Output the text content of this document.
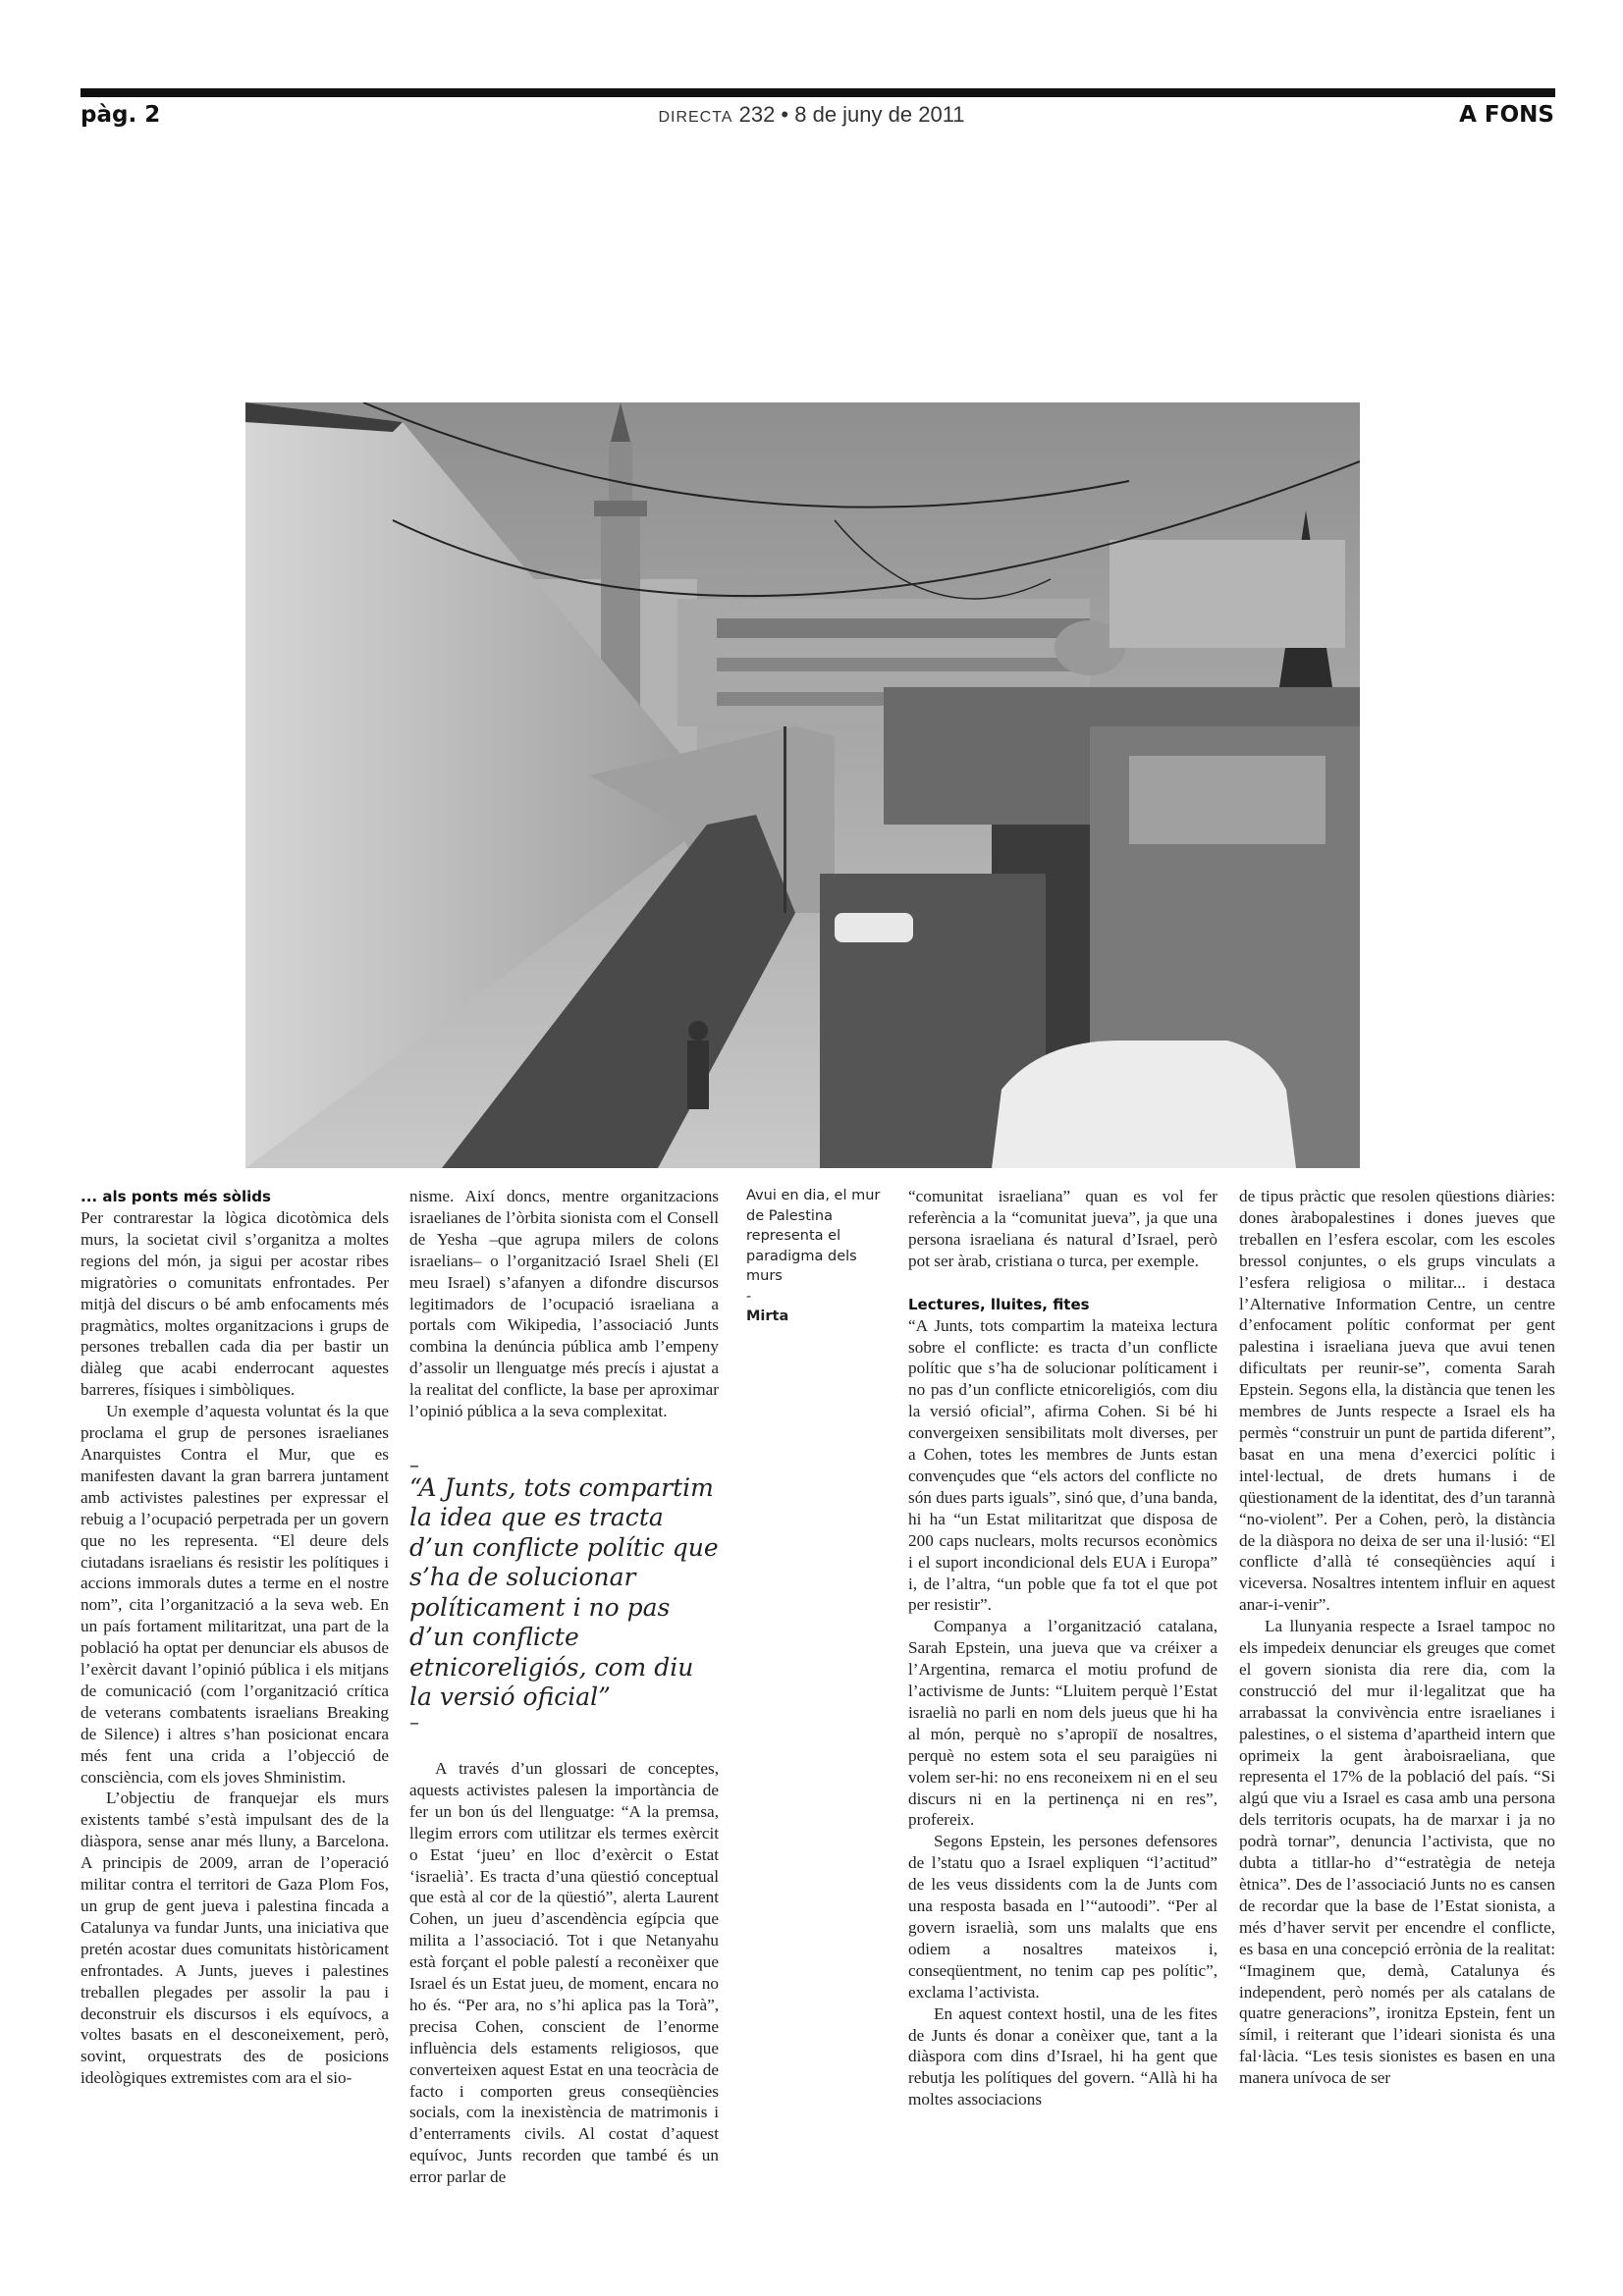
pàg. 2	DIRECTA 232 • 8 de juny de 2011	A FONS
... als ponts més sòlids

Per contrarestar la lògica dicotòmica dels murs, la societat civil s’organitza a moltes regions del món, ja sigui per acostar ribes migratòries o comunitats enfrontades. Per mitjà del discurs o bé amb enfocaments més pragmàtics, moltes organitzacions i grups de persones treballen cada dia per bastir un diàleg que acabi enderrocant aquestes barreres, físiques i simbòliques.

Un exemple d’aquesta voluntat és la que proclama el grup de persones israelianes Anarquistes Contra el Mur, que es manifesten davant la gran barrera juntament amb activistes palestines per expressar el rebuig a l’ocupació perpetrada per un govern que no les representa. “El deure dels ciutadans israelians és resistir les polítiques i accions immorals dutes a terme en el nostre nom”, cita l’organització a la seva web. En un país fortament militaritzat, una part de la població ha optat per denunciar els abusos de l’exèrcit davant l’opinió pública i els mitjans de comunicació (com l’organització crítica de veterans combatents israelians Breaking de Silence) i altres s’han posicionat encara més fent una crida a l’objecció de consciència, com els joves Shministim.

L’objectiu de franquejar els murs existents també s’està impulsant des de la diàspora, sense anar més lluny, a Barcelona. A principis de 2009, arran de l’operació militar contra el territori de Gaza Plom Fos, un grup de gent jueva i palestina fincada a Catalunya va fundar Junts, una iniciativa que pretén acostar dues comunitats històricament enfrontades. A Junts, jueves i palestines treballen plegades per assolir la pau i deconstruir els discursos i els equívocs, a voltes basats en el desconeixement, però, sovint, orquestrats des de posicions ideològiques extremistes com ara el sio-

nisme. Així doncs, mentre organitzacions israelianes de l’òrbita sionista com el Consell de Yesha –que agrupa milers de colons israelians– o l’organització Israel Sheli (El meu Israel) s’afanyen a difondre discursos legitimadors de l’ocupació israeliana a portals com Wikipedia, l’associació Junts combina la denúncia pública amb l’empeny d’assolir un llenguatge més precís i ajustat a la realitat del conflicte, la base per aproximar l’opinió pública a la seva complexitat.

–
“A Junts, tots compartim la idea que es tracta d’un conflicte polític que s’ha de solucionar políticament i no pas d’un conflicte etnicoreligiós, com diu la versió oficial”
–

A través d’un glossari de conceptes, aquests activistes palesen la importància de fer un bon ús del llenguatge: “A la premsa, llegim errors com utilitzar els termes exèrcit o Estat ‘jueu’ en lloc d’exèrcit o Estat ‘israelià’. Es tracta d’una qüestió conceptual que està al cor de la qüestió”, alerta Laurent Cohen, un jueu d’ascendència egípcia que milita a l’associació. Tot i que Netanyahu està forçant el poble palestí a reconèixer que Israel és un Estat jueu, de moment, encara no ho és. “Per ara, no s’hi aplica pas la Torà”, precisa Cohen, conscient de l’enorme influència dels estaments religiosos, que converteixen aquest Estat en una teocràcia de facto i comporten greus conseqüències socials, com la inexistència de matrimonis i d’enterraments civils. Al costat d’aquest equívoc, Junts recorden que també és un error parlar de

Avui en dia, el mur de Palestina representa el paradigma dels murs
-
Mirta

“comunitat israeliana” quan es vol fer referència a la “comunitat jueva”, ja que una persona israeliana és natural d’Israel, però pot ser àrab, cristiana o turca, per exemple.

Lectures, lluites, fites

“A Junts, tots compartim la mateixa lectura sobre el conflicte: es tracta d’un conflicte polític que s’ha de solucionar políticament i no pas d’un conflicte etnicoreligiós, com diu la versió oficial”, afirma Cohen. Si bé hi convergeixen sensibilitats molt diverses, per a Cohen, totes les membres de Junts estan convençudes que “els actors del conflicte no són dues parts iguals”, sinó que, d’una banda, hi ha “un Estat militaritzat que disposa de 200 caps nuclears, molts recursos econòmics i el suport incondicional dels EUA i Europa” i, de l’altra, “un poble que fa tot el que pot per resistir”.

Companya a l’organització catalana, Sarah Epstein, una jueva que va créixer a l’Argentina, remarca el motiu profund de l’activisme de Junts: “Lluitem perquè l’Estat israelià no parli en nom dels jueus que hi ha al món, perquè no s’apropiï de nosaltres, perquè no estem sota el seu paraigües ni volem ser-hi: no ens reconeixem ni en el seu discurs ni en la pertinença ni en res”, profereix.

Segons Epstein, les persones defensores de l’statu quo a Israel expliquen “l’actitud” de les veus dissidents com la de Junts com una resposta basada en l’“autoodi”. “Per al govern israelià, som uns malalts que ens odiem a nosaltres mateixos i, conseqüentment, no tenim cap pes polític”, exclama l’activista.

En aquest context hostil, una de les fites de Junts és donar a conèixer que, tant a la diàspora com dins d’Israel, hi ha gent que rebutja les polítiques del govern. “Allà hi ha moltes associacions

de tipus pràctic que resolen qüestions diàries: dones àrabopalestines i dones jueves que treballen en l’esfera escolar, com les escoles bressol conjuntes, o els grups vinculats a l’esfera religiosa o militar... i destaca l’Alternative Information Centre, un centre d’enfocament polític conformat per gent palestina i israeliana jueva que avui tenen dificultats per reunir-se”, comenta Sarah Epstein. Segons ella, la distància que tenen les membres de Junts respecte a Israel els ha permès “construir un punt de partida diferent”, basat en una mena d’exercici polític i intel·lectual, de drets humans i de qüestionament de la identitat, des d’un tarannà “no-violent”. Per a Cohen, però, la distància de la diàspora no deixa de ser una il·lusió: “El conflicte d’allà té conseqüències aquí i viceversa. Nosaltres intentem influir en aquest anar-i-venir”.

La llunyania respecte a Israel tampoc no els impedeix denunciar els greuges que comet el govern sionista dia rere dia, com la construcció del mur il·legalitzat que ha arrabassat la convivència entre israelianes i palestines, o el sistema d’apartheid intern que oprimeix la gent àraboisraeliana, que representa el 17% de la població del país. “Si algú que viu a Israel es casa amb una persona dels territoris ocupats, ha de marxar i ja no podrà tornar”, denuncia l’activista, que no dubta a titllar-ho d’“estratègia de neteja ètnica”. Des de l’associació Junts no es cansen de recordar que la base de l’Estat sionista, a més d’haver servit per encendre el conflicte, es basa en una concepció errònia de la realitat: “Imaginem que, demà, Catalunya és independent, però només per als catalans de quatre generacions”, ironitza Epstein, fent un símil, i reiterant que l’ideari sionista és una fal·làcia. “Les tesis sionistes es basen en una manera unívoca de ser
